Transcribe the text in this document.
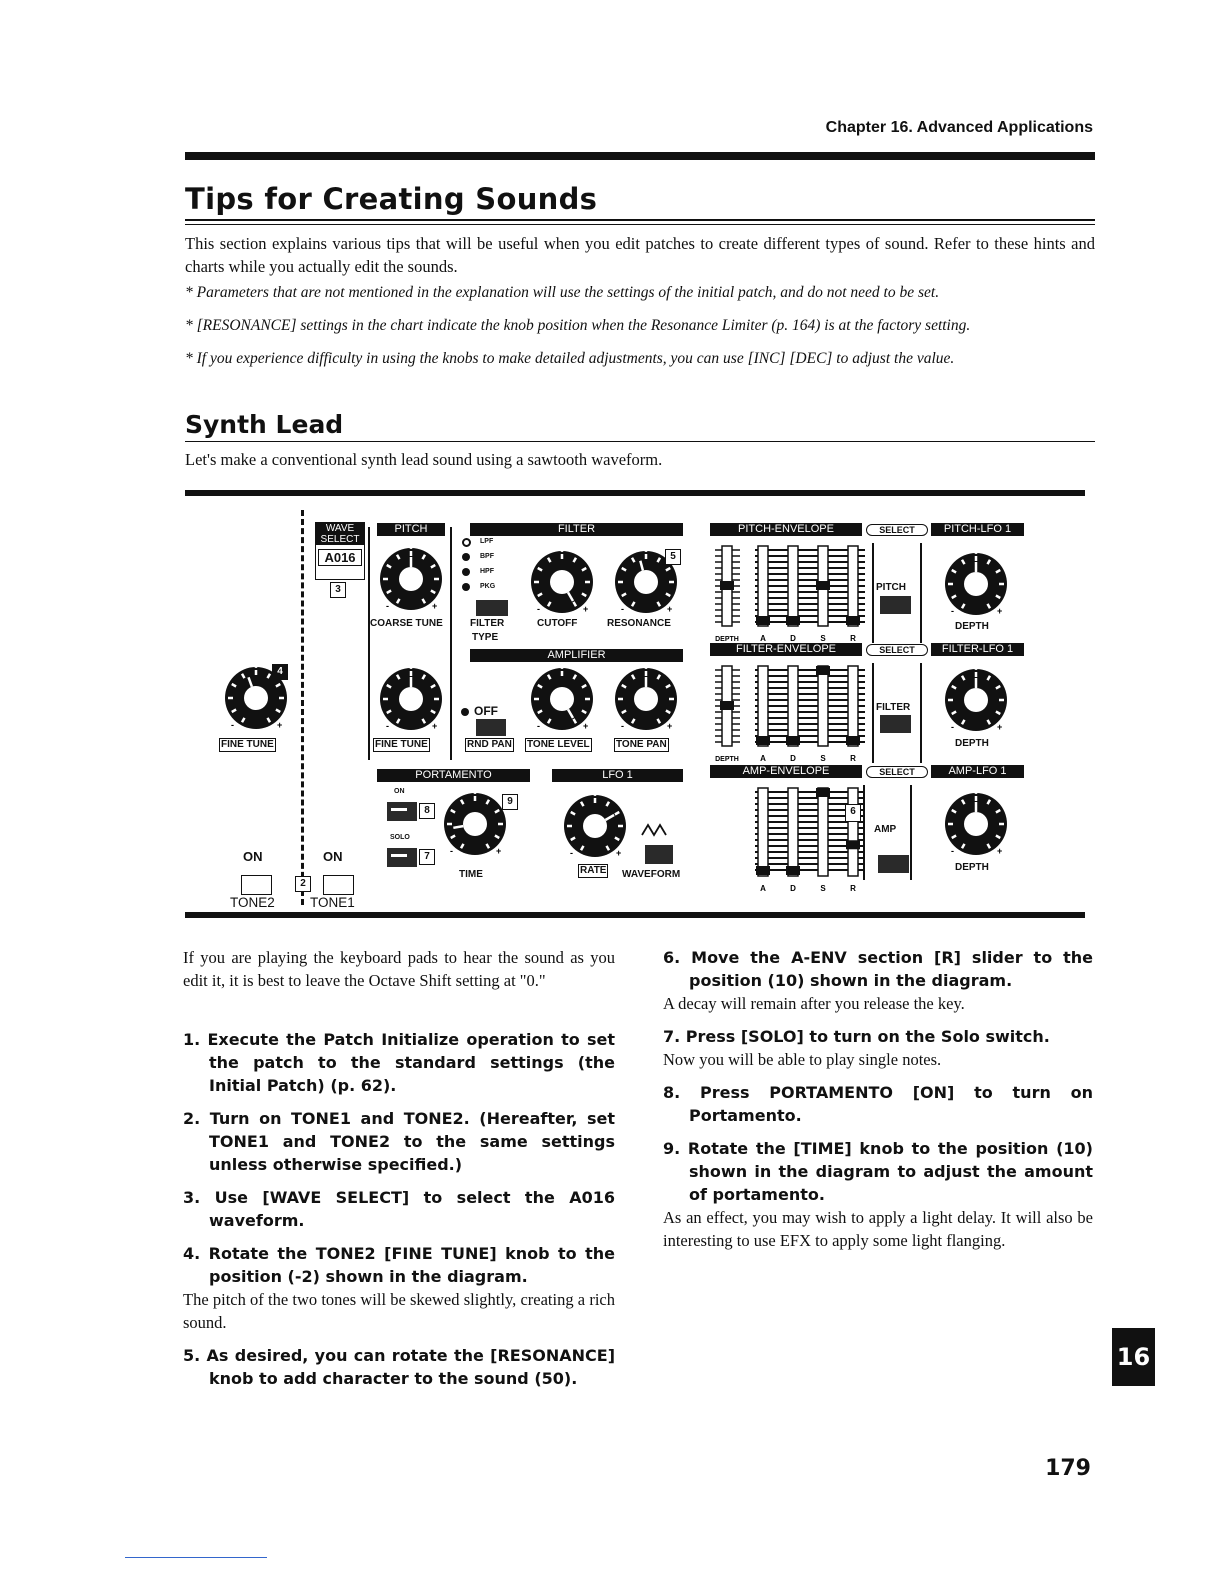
Chapter 16. Advanced Applications
Tips for Creating Sounds
This section explains various tips that will be useful when you edit patches to create different types of sound. Refer to these hints and charts while you actually edit the sounds.
* Parameters that are not mentioned in the explanation will use the settings of the initial patch, and do not need to be set.
* [RESONANCE] settings in the chart indicate the knob position when the Resonance Limiter (p. 164) is at the factory setting.
* If you experience difficulty in using the knobs to make detailed adjustments, you can use [INC] [DEC] to adjust the value.
Synth Lead
Let's make a conventional synth lead sound using a sawtooth waveform.
WAVE SELECT
A016
3
PITCH
0
-	+
COARSE TUNE
FILTER
LPF
BPF
HPF
PKG
FILTER
TYPE
0
-	+
CUTOFF
0
-	+
RESONANCE
5
AMPLIFIER
0
-	+
4
FINE TUNE
0
-	+
FINE TUNE
OFF
RND PAN
0
-	+
TONE LEVEL
0
-	+
TONE PAN
PORTAMENTO	LFO 1
ON
8
SOLO
7
0
-	+
9
TIME
0
-	+
RATE WAVEFORM
ON
2
ON
TONE2	TONE1
PITCH-ENVELOPE	SELECT	PITCH-LFO 1
DEPTH	A	D	S	R
PITCH
0
-	+
DEPTH
FILTER-ENVELOPE	SELECT	FILTER-LFO 1
DEPTH	A	D	S	R
FILTER
0
-	+
DEPTH
AMP-ENVELOPE	SELECT	AMP-LFO 1
A	D	S	R
6
AMP
0
-	+
DEPTH

If you are playing the keyboard pads to hear the sound as you edit it, it is best to leave the Octave Shift setting at "0."

1. Execute the Patch Initialize operation to set the patch to the standard settings (the Initial Patch) (p. 62).

2. Turn on TONE1 and TONE2. (Hereafter, set TONE1 and TONE2 to the same settings unless otherwise specified.)

3. Use [WAVE SELECT] to select the A016 waveform.

4. Rotate the TONE2 [FINE TUNE] knob to the position (-2) shown in the diagram.

The pitch of the two tones will be skewed slightly, creating a rich sound.

5. As desired, you can rotate the [RESONANCE] knob to add character to the sound (50).

6. Move the A-ENV section [R] slider to the position (10) shown in the diagram.

A decay will remain after you release the key.

7. Press [SOLO] to turn on the Solo switch.

Now you will be able to play single notes.

8. Press PORTAMENTO [ON] to turn on Portamento.

9. Rotate the [TIME] knob to the position (10) shown in the diagram to adjust the amount of portamento.

As an effect, you may wish to apply a light delay. It will also be interesting to use EFX to apply some light flanging.

16
179
